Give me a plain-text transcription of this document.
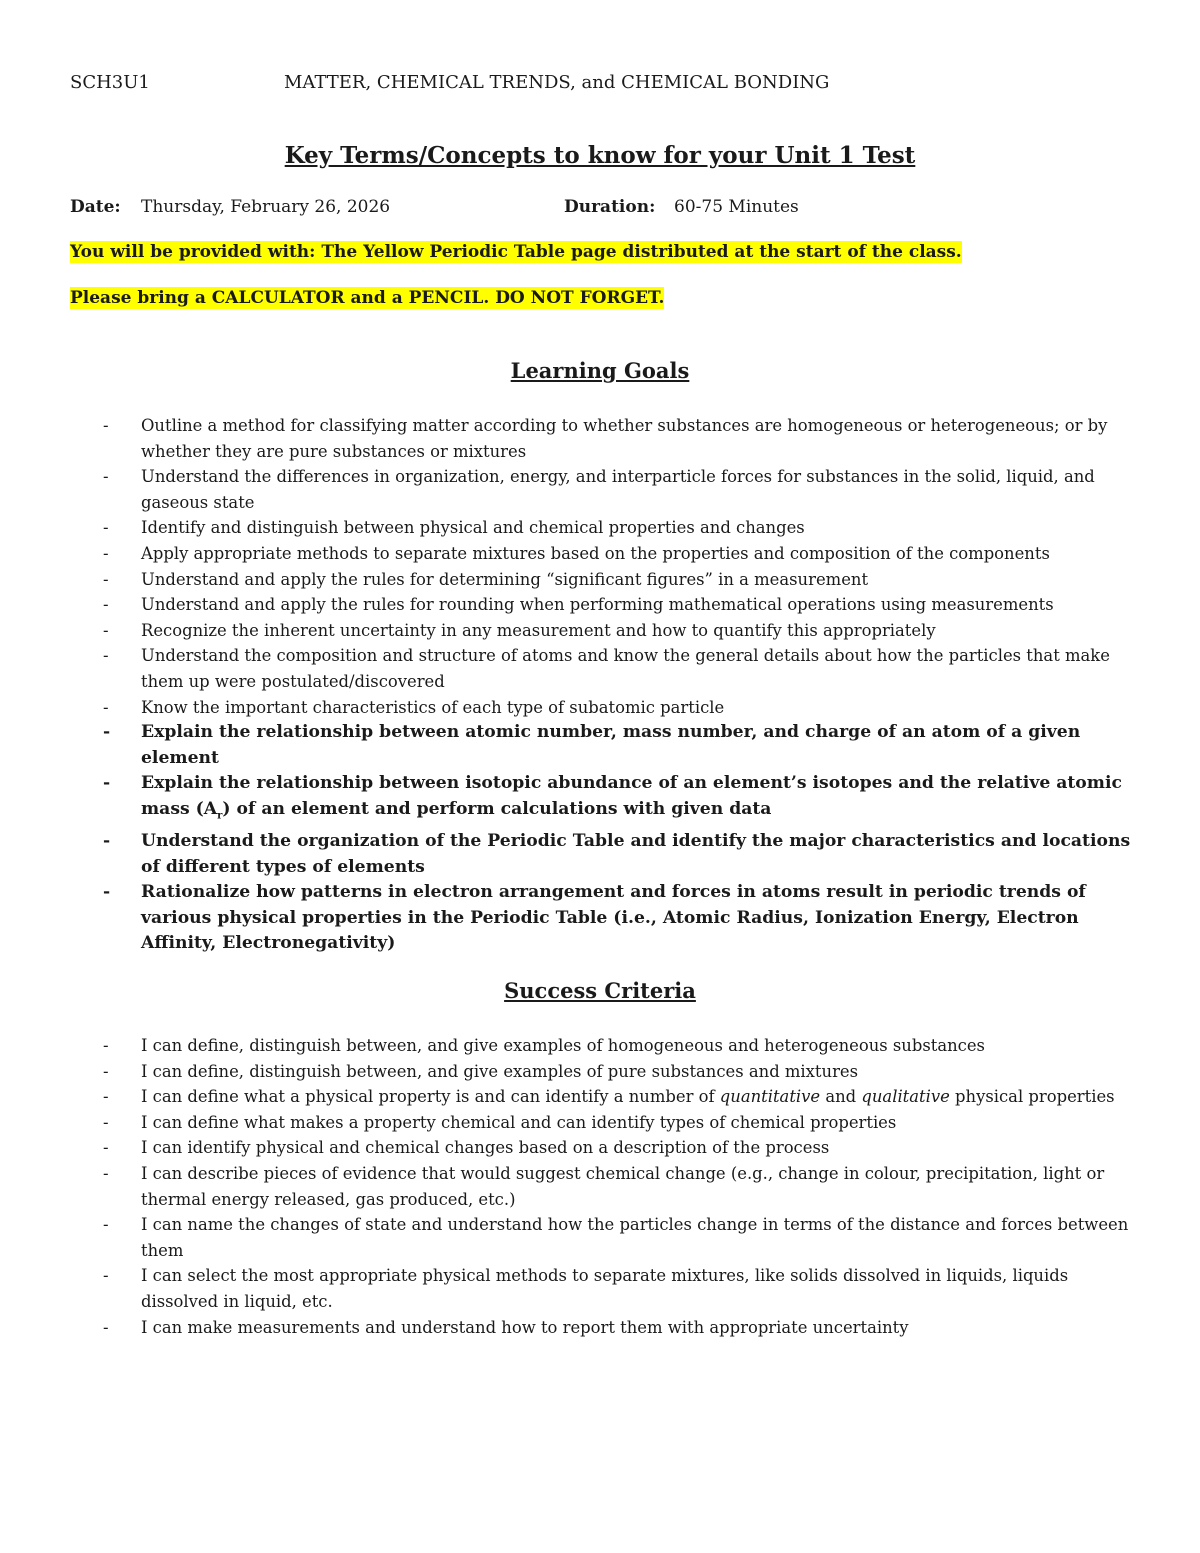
SCH3U1	MATTER, CHEMICAL TRENDS, and CHEMICAL BONDING
Key Terms/Concepts to know for your Unit 1 Test
Date: Thursday, February 26, 2026	Duration: 60-75 Minutes
You will be provided with: The Yellow Periodic Table page distributed at the start of the class.
Please bring a CALCULATOR and a PENCIL. DO NOT FORGET.
Learning Goals
- Outline a method for classifying matter according to whether substances are homogeneous or heterogeneous; or by whether they are pure substances or mixtures
- Understand the differences in organization, energy, and interparticle forces for substances in the solid, liquid, and gaseous state
- Identify and distinguish between physical and chemical properties and changes
- Apply appropriate methods to separate mixtures based on the properties and composition of the components
- Understand and apply the rules for determining “significant figures” in a measurement
- Understand and apply the rules for rounding when performing mathematical operations using measurements
- Recognize the inherent uncertainty in any measurement and how to quantify this appropriately
- Understand the composition and structure of atoms and know the general details about how the particles that make them up were postulated/discovered
- Know the important characteristics of each type of subatomic particle
- Explain the relationship between atomic number, mass number, and charge of an atom of a given element
- Explain the relationship between isotopic abundance of an element’s isotopes and the relative atomic mass $(A_r)$ of an element and perform calculations with given data
- Understand the organization of the Periodic Table and identify the major characteristics and locations of different types of elements
- Rationalize how patterns in electron arrangement and forces in atoms result in periodic trends of various physical properties in the Periodic Table (i.e., Atomic Radius, Ionization Energy, Electron Affinity, Electronegativity)
Success Criteria
- I can define, distinguish between, and give examples of homogeneous and heterogeneous substances
- I can define, distinguish between, and give examples of pure substances and mixtures
- I can define what a physical property is and can identify a number of quantitative and qualitative physical properties
- I can define what makes a property chemical and can identify types of chemical properties
- I can identify physical and chemical changes based on a description of the process
- I can describe pieces of evidence that would suggest chemical change (e.g., change in colour, precipitation, light or thermal energy released, gas produced, etc.)
- I can name the changes of state and understand how the particles change in terms of the distance and forces between them
- I can select the most appropriate physical methods to separate mixtures, like solids dissolved in liquids, liquids dissolved in liquid, etc.
- I can make measurements and understand how to report them with appropriate uncertainty
